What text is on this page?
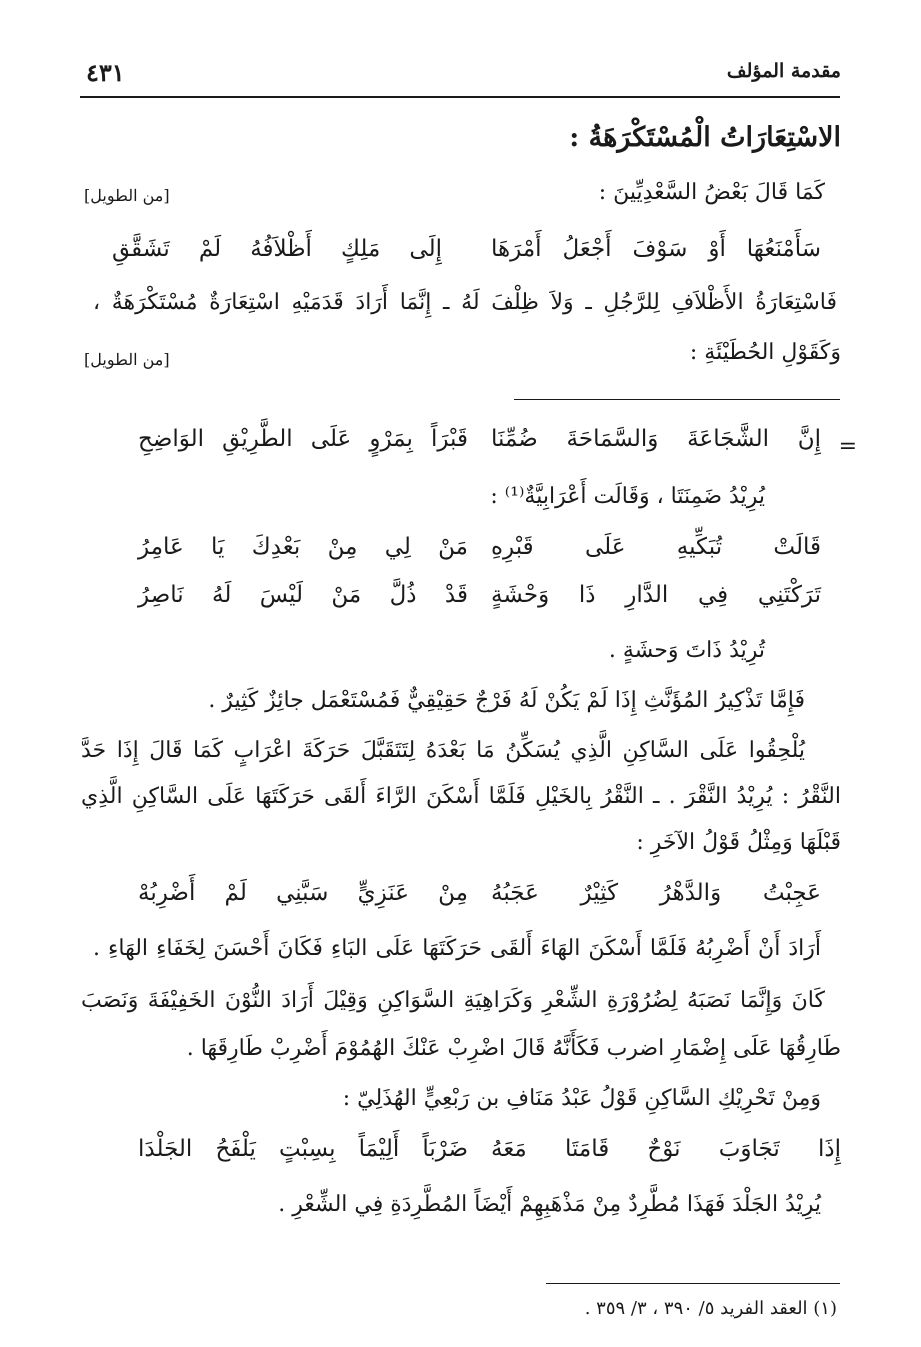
مقدمة المؤلف
٤٣١
الاسْتِعَارَاتُ الْمُسْتَكْرَهَةُ :
كَمَا قَالَ بَعْضُ السَّعْدِيِّينَ :
[من الطويل]
سَأَمْنَعُهَا أَوْ سَوْفَ أَجْعَلُ أَمْرَهَا
إِلَى مَلِكٍ أَظْلاَفُهُ لَمْ تَشَقَّقِ
فَاسْتِعَارَةُ الأَظْلاَفِ لِلرَّجُلِ ـ وَلاَ ظِلْفَ لَهُ ـ إِنَّمَا أَرَادَ قَدَمَيْهِ اسْتِعَارَةٌ مُسْتَكْرَهَةٌ ،
وَكَقَوْلِ الحُطَيْئَةِ :
[من الطويل]
=
إِنَّ الشَّجَاعَةَ وَالسَّمَاحَةَ ضُمِّنَا
قَبْرَاً بِمَرْوٍ عَلَى الطَّرِيْقِ الوَاضِحِ
يُرِيْدُ ضَمِنَتَا ، وَقَالَت أَعْرَابِيَّةٌ⁽¹⁾ :
قَالَتْ تُبَكِّيهِ عَلَى قَبْرِهِ
مَنْ لِي مِنْ بَعْدِكَ يَا عَامِرُ
تَرَكْتَنِي فِي الدَّارِ ذَا وَحْشَةٍ
قَدْ ذُلَّ مَنْ لَيْسَ لَهُ نَاصِرُ
تُرِيْدُ ذَاتَ وَحشَةٍ .
فَإِمَّا تَذْكِيرُ المُؤَنَّثِ إِذَا لَمْ يَكُنْ لَهُ فَرْجٌ حَقِيْقِيٌّ فَمُسْتَعْمَل جائِزٌ كَثِيرٌ .
يُلْحِقُوا عَلَى السَّاكِنِ الَّذِي يُسَكِّنُ مَا بَعْدَهُ لِتَتَقَبَّلَ حَرَكَةَ اعْرَابٍ كَمَا قَالَ إِذَا حَدَّ
النَّقْرُ : يُرِيْدُ النَّقْرَ . ـ النَّقْرُ بِالخَيْلِ فَلَمَّا أَسْكَنَ الرَّاءَ أَلقَى حَرَكَتَهَا عَلَى السَّاكِنِ الَّذِي
قَبْلَهَا وَمِثْلُ قَوْلُ الآخَرِ :
عَجِبْتُ وَالدَّهْرُ كَثِيْرٌ عَجَبُهُ
مِنْ عَنَزِيٍّ سَبَّنِي لَمْ أَضْرِبُهْ
أَرَادَ أَنْ أَضْرِبُهُ فَلَمَّا أَسْكَنَ الهَاءَ أَلقَى حَرَكَتَهَا عَلَى البَاءِ فَكَانَ أَحْسَنَ لِخَفَاءِ الهَاءِ .
كَانَ وَإِنَّمَا نَصَبَهُ لِضُرُوْرَةِ الشِّعْرِ وَكَرَاهِيَةِ السَّوَاكِنِ وَقِيْلَ أَرَادَ النُّوْنَ الخَفِيْفَةَ وَنَصَبَ
طَارِقُهَا عَلَى إِضْمَارِ اضرب فَكَأَنَّهُ قَالَ اضْرِبْ عَنْكَ الهُمُوْمَ أَضْرِبْ طَارِقَهَا .
وَمِنْ تَحْرِيْكِ السَّاكِنِ قَوْلُ عَبْدُ مَنَافِ بن رَبْعِيٍّ الهُذَلِيّ :
إِذَا تَجَاوَبَ نَوْحٌ قَامَتَا مَعَهُ
ضَرْبَاً أَلِيْمَاً بِسِبْتٍ يَلْفَحُ الجَلْدَا
يُرِيْدُ الجَلْدَ فَهَذَا مُطَّرِدٌ مِنْ مَذْهَبِهِمْ أَيْضَاً المُطَّرِدَةِ فِي الشِّعْرِ .
(١) العقد الفريد ٥/ ٣٩٠ ، ٣/ ٣٥٩ .
